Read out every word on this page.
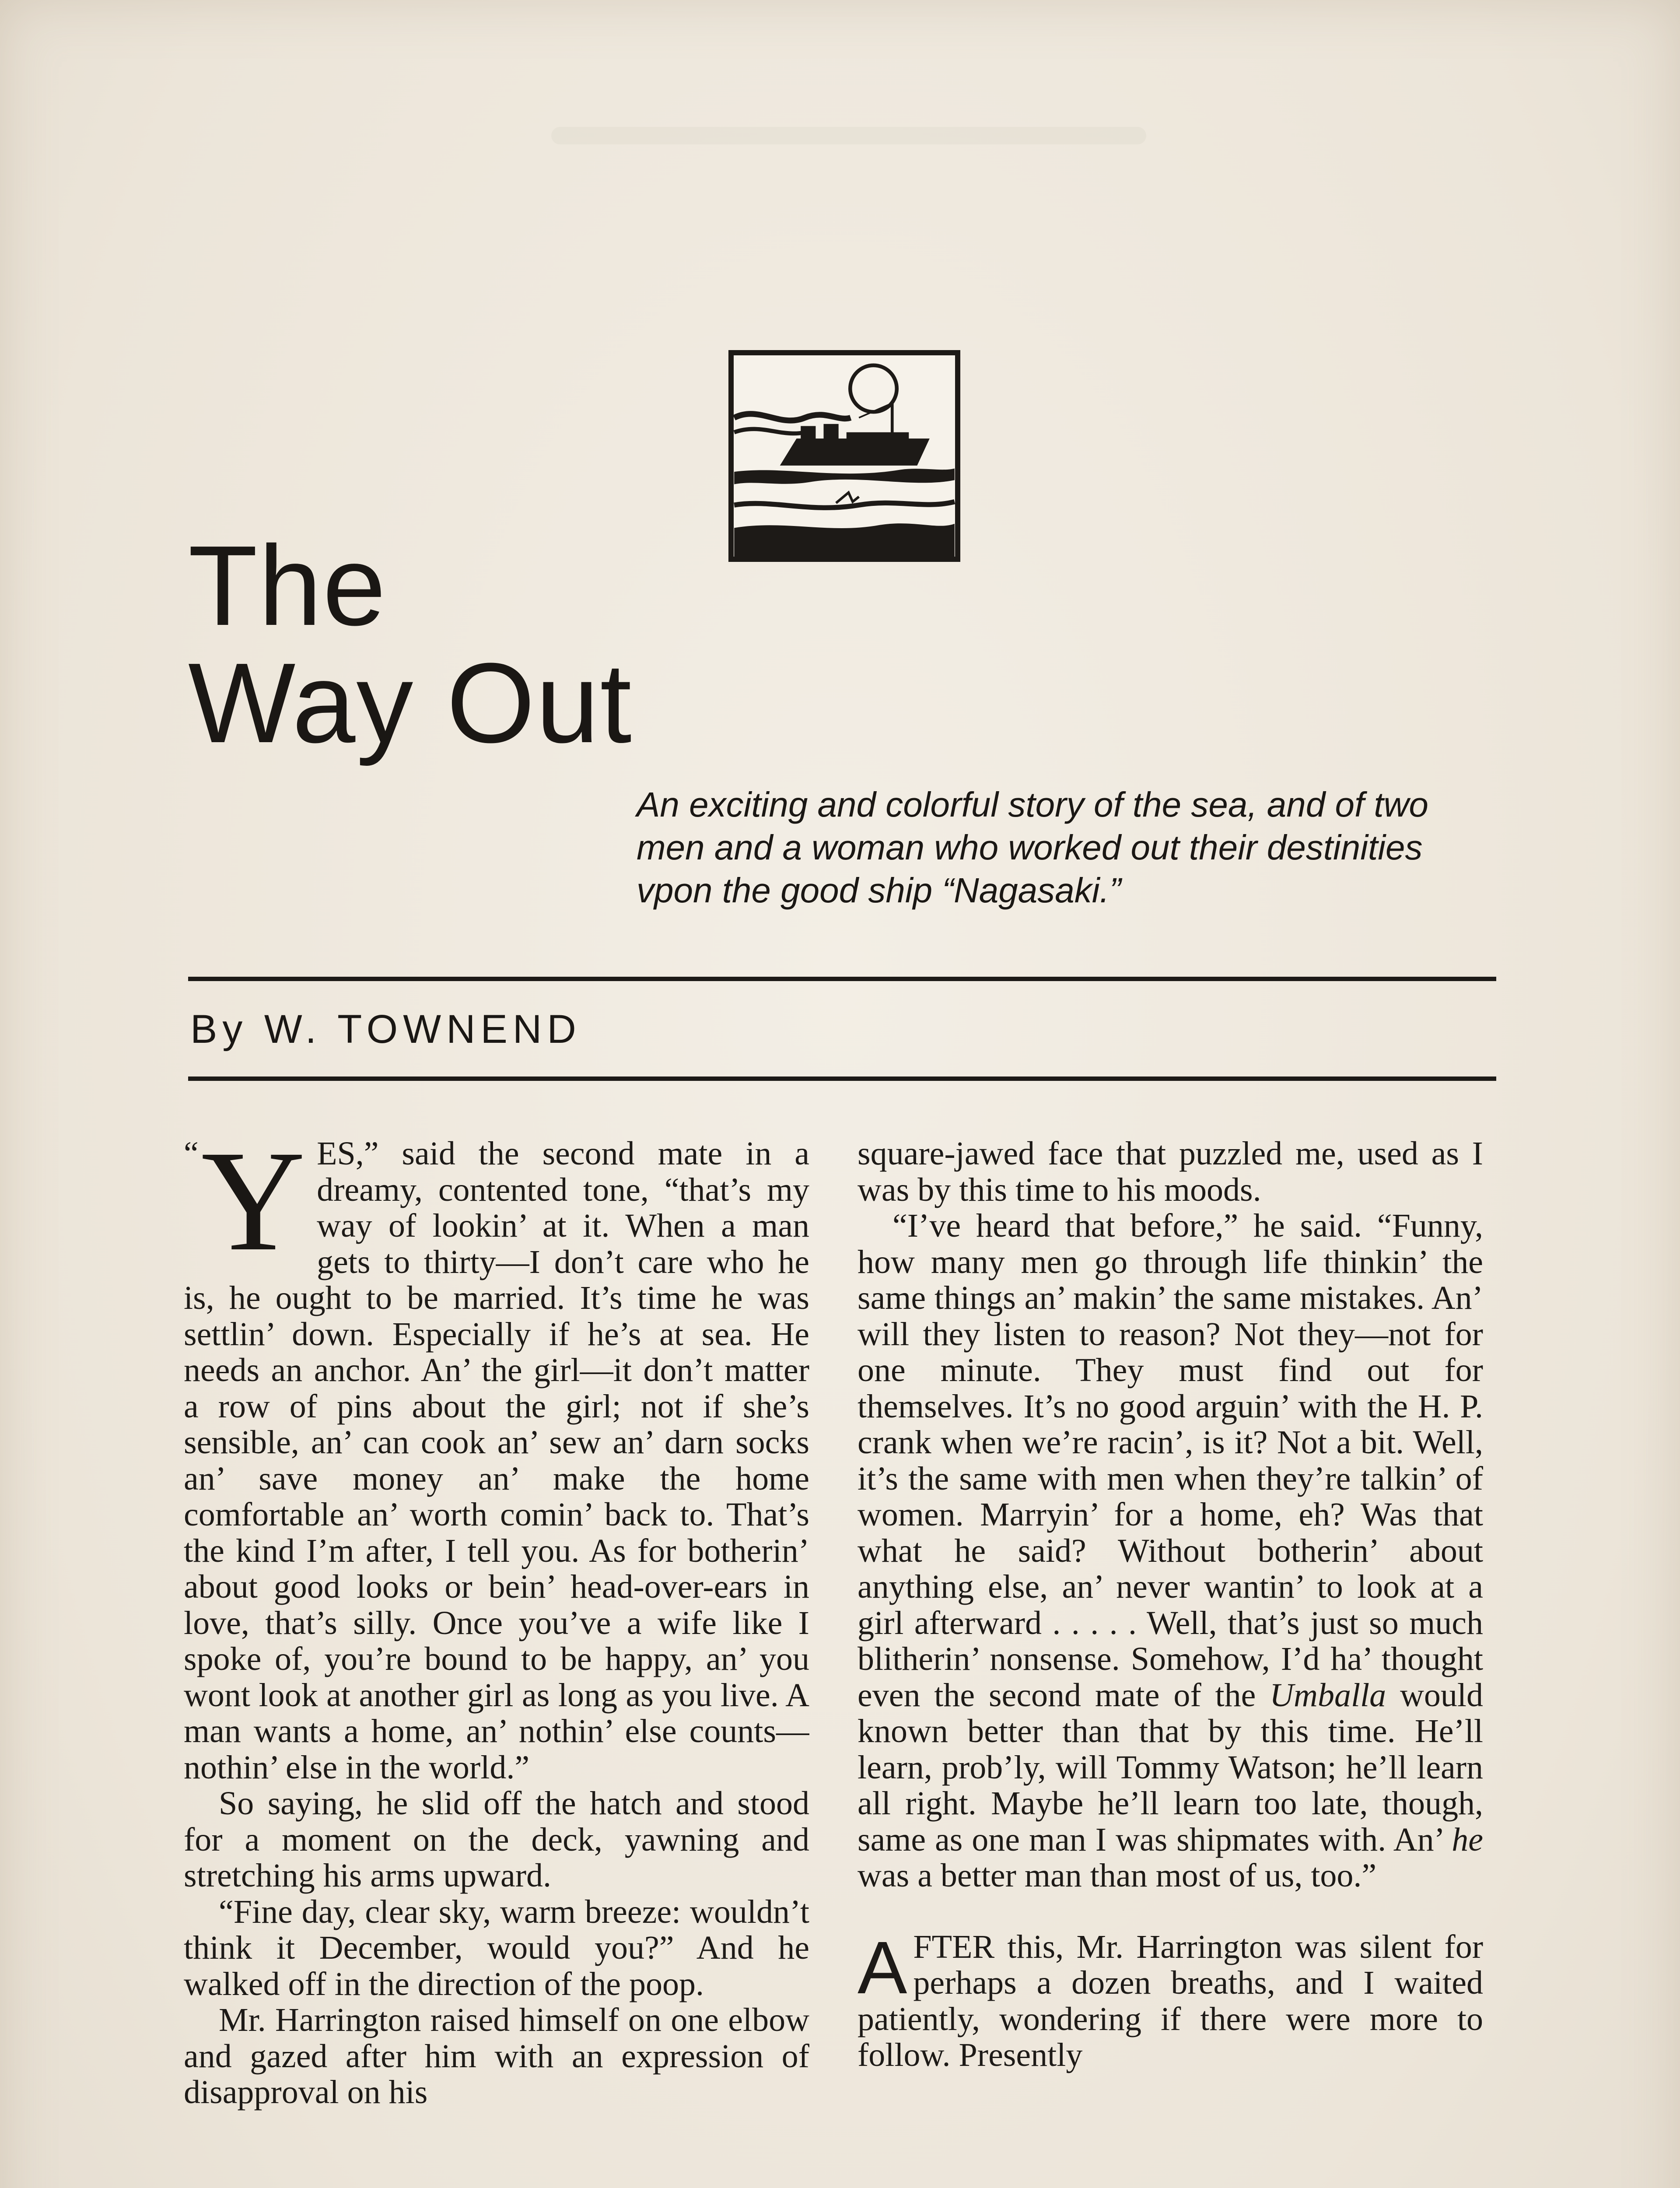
The
Way Out
An exciting and colorful story of the sea, and of two men and a woman who worked out their destinities vpon the good ship “Nagasaki.”
By W. TOWNEND

“ Y ES,” said the second mate in a dreamy, contented tone, “that’s my way of lookin’ at it. When a man gets to thirty—I don’t care who he is, he ought to be married. It’s time he was settlin’ down. Especially if he’s at sea. He needs an anchor. An’ the girl—it don’t matter a row of pins about the girl; not if she’s sensible, an’ can cook an’ sew an’ darn socks an’ save money an’ make the home comfortable an’ worth comin’ back to. That’s the kind I’m after, I tell you. As for botherin’ about good looks or bein’ head-over-ears in love, that’s silly. Once you’ve a wife like I spoke of, you’re bound to be happy, an’ you wont look at another girl as long as you live. A man wants a home, an’ nothin’ else counts—nothin’ else in the world.”

So saying, he slid off the hatch and stood for a moment on the deck, yawning and stretching his arms upward.

“Fine day, clear sky, warm breeze: wouldn’t think it December, would you?” And he walked off in the direction of the poop.

Mr. Harrington raised himself on one elbow and gazed after him with an expression of disapproval on his

square-jawed face that puzzled me, used as I was by this time to his moods.

“I’ve heard that before,” he said. “Funny, how many men go through life thinkin’ the same things an’ makin’ the same mistakes. An’ will they listen to reason? Not they—not for one minute. They must find out for themselves. It’s no good arguin’ with the H. P. crank when we’re racin’, is it? Not a bit. Well, it’s the same with men when they’re talkin’ of women. Marryin’ for a home, eh? Was that what he said? Without botherin’ about anything else, an’ never wantin’ to look at a girl afterward . . . . . Well, that’s just so much blitherin’ nonsense. Somehow, I’d ha’ thought even the second mate of the Umballa would known better than that by this time. He’ll learn, prob’ly, will Tommy Watson; he’ll learn all right. Maybe he’ll learn too late, though, same as one man I was shipmates with. An’ he was a better man than most of us, too.”

AFTER this, Mr. Harrington was silent for perhaps a dozen breaths, and I waited patiently, wondering if there were more to follow. Presently
